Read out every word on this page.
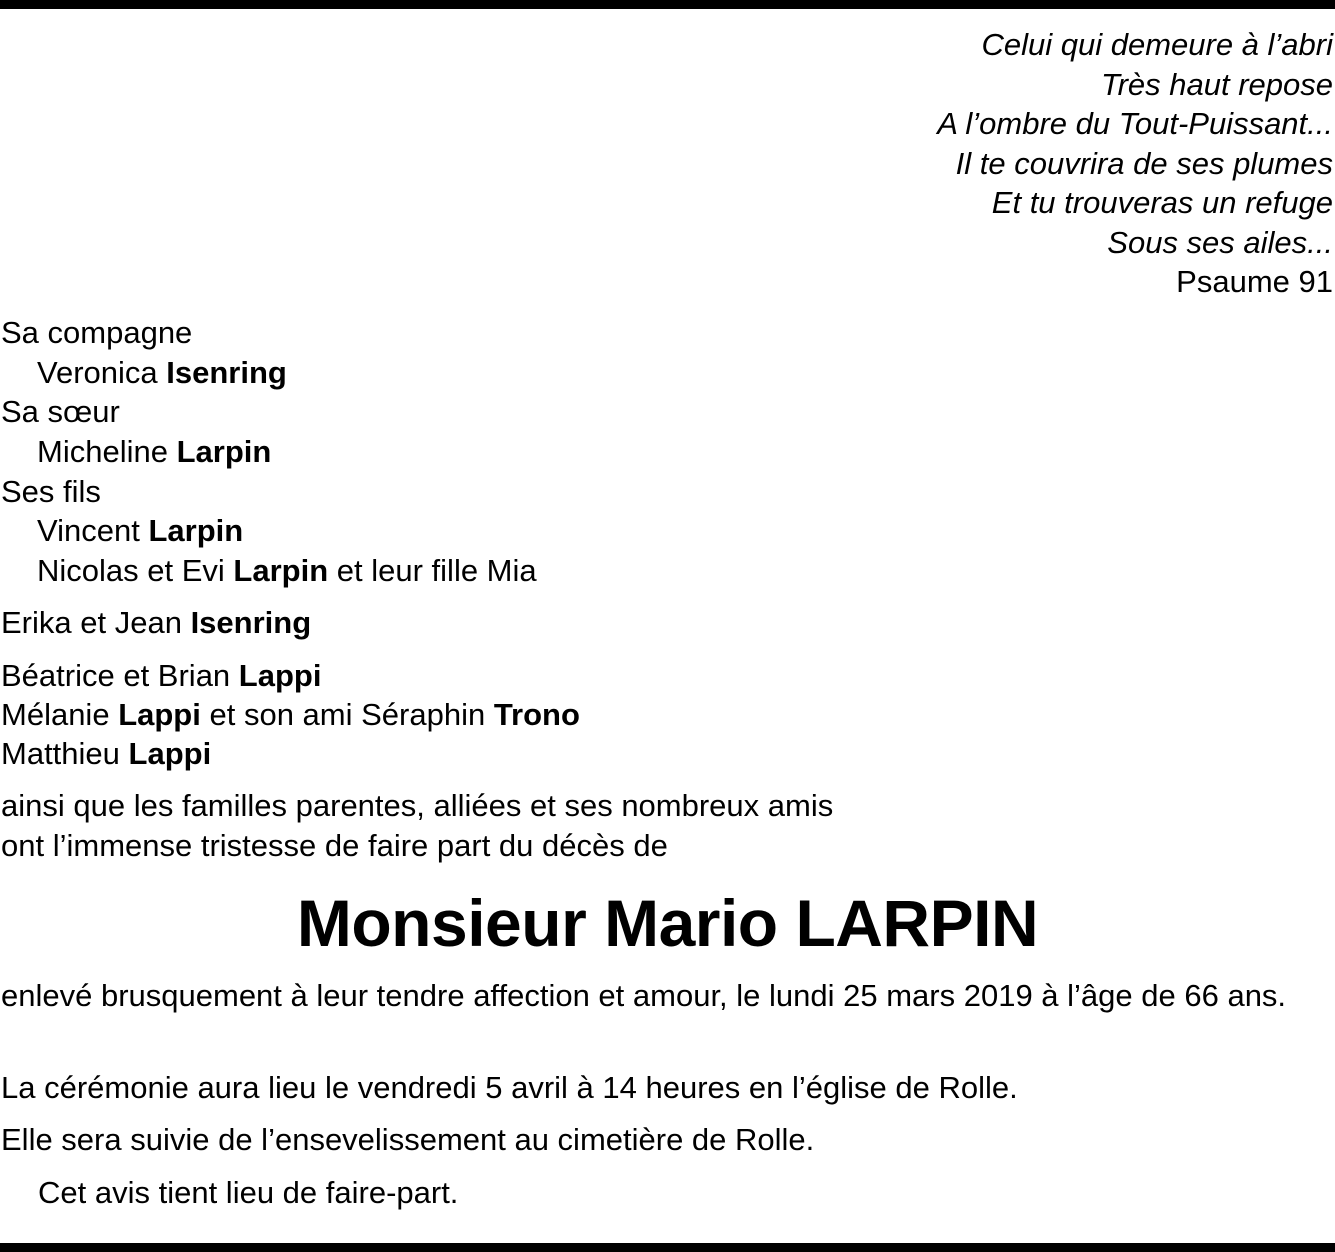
Celui qui demeure à l’abri
Très haut repose
A l’ombre du Tout-Puissant...
Il te couvrira de ses plumes
Et tu trouveras un refuge
Sous ses ailes...
Psaume 91
Sa compagne
Veronica Isenring
Sa sœur
Micheline Larpin
Ses fils
Vincent Larpin
Nicolas et Evi Larpin et leur fille Mia
Erika et Jean Isenring
Béatrice et Brian Lappi
Mélanie Lappi et son ami Séraphin Trono
Matthieu Lappi
ainsi que les familles parentes, alliées et ses nombreux amis
ont l’immense tristesse de faire part du décès de
Monsieur Mario LARPIN
enlevé brusquement à leur tendre affection et amour, le lundi 25 mars 2019 à l’âge de 66 ans.
La cérémonie aura lieu le vendredi 5 avril à 14 heures en l’église de Rolle.
Elle sera suivie de l’ensevelissement au cimetière de Rolle.
Cet avis tient lieu de faire-part.
